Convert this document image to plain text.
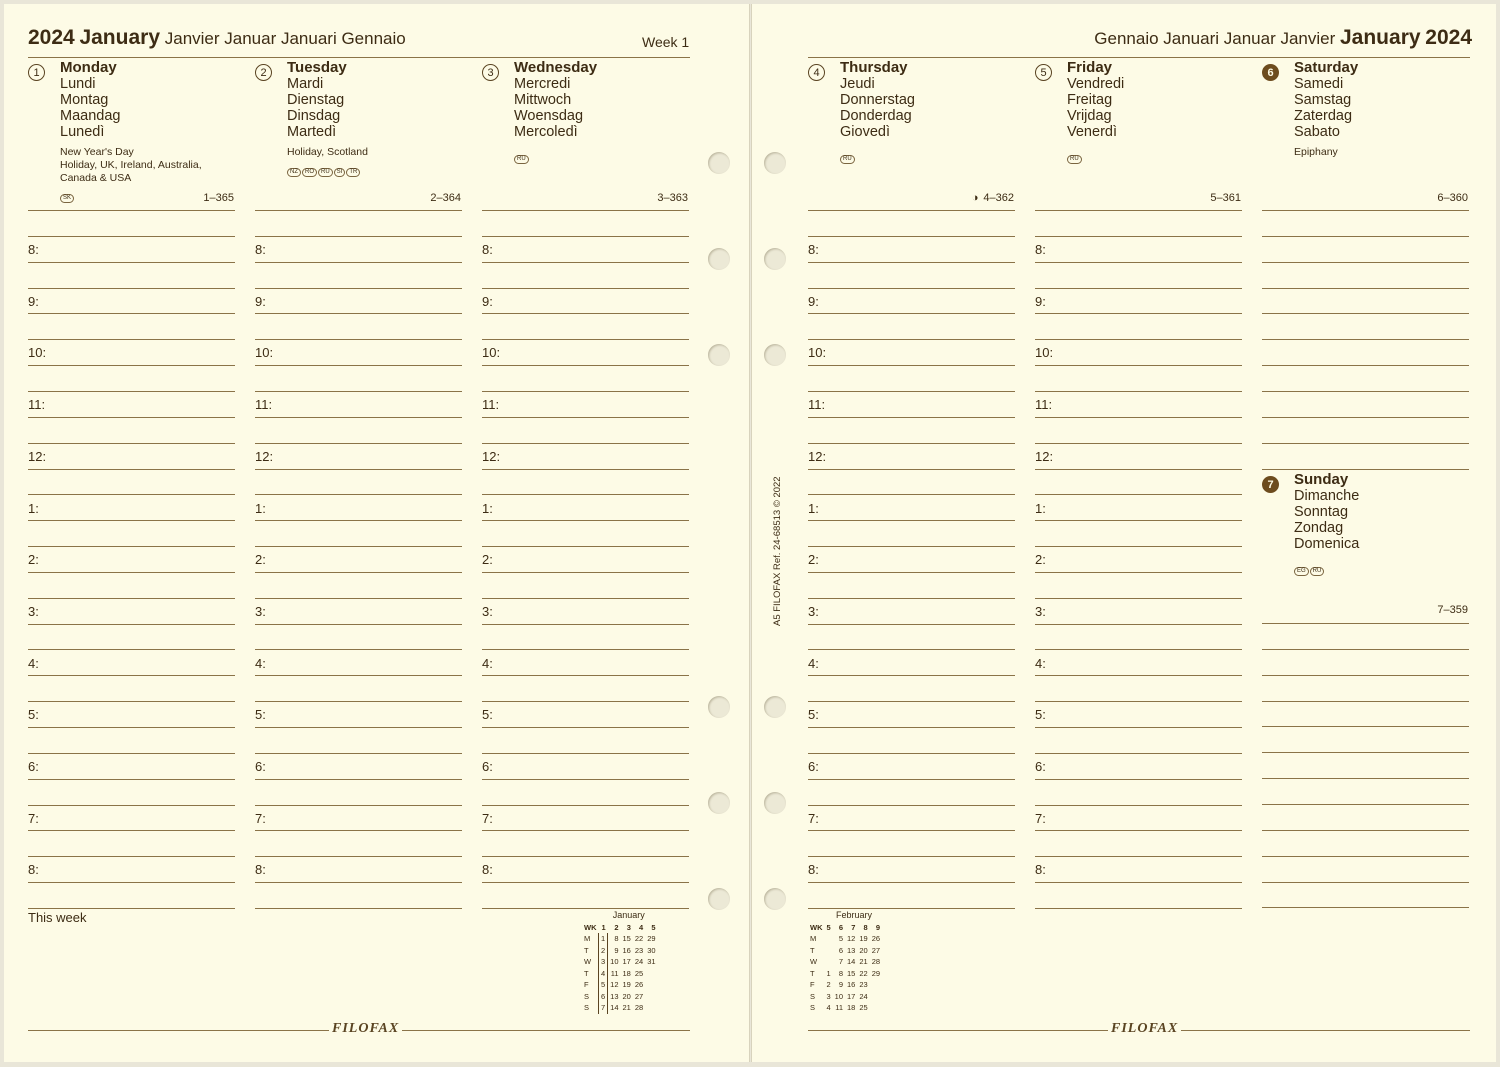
2024 January Janvier Januar Januari Gennaio	Week 1
1	Monday
Lundi
Montag
Maandag
Lunedì
New Year's Day
Holiday, UK, Ireland, Australia,
Canada & USA
SK	1–365
8:
9:
10:
11:
12:
1:
2:
3:
4:
5:
6:
7:
8:
2	Tuesday
Mardi
Dienstag
Dinsdag
Martedì
Holiday, Scotland
NZ RO RU SI TR
2–364
8:
9:
10:
11:
12:
1:
2:
3:
4:
5:
6:
7:
8:
3	Wednesday
Mercredi
Mittwoch
Woensdag
Mercoledì
RU
3–363
8:
9:
10:
11:
12:
1:
2:
3:
4:
5:
6:
7:
8:
This week	January
WK	1	2	3	4	5
M	1	8	15	22	29
T	2	9	16	23	30
W	3	10	17	24	31
T	4	11	18	25	
F	5	12	19	26	
S	6	13	20	27	
S	7	14	21	28	
FILOFAX
Gennaio Januari Januar Janvier January 2024
4	Thursday
Jeudi
Donnerstag
Donderdag
Giovedì
RU
◑ 4–362
8:
9:
10:
11:
12:
1:
2:
3:
4:
5:
6:
7:
8:
5	Friday
Vendredi
Freitag
Vrijdag
Venerdì
RU
5–361
8:
9:
10:
11:
12:
1:
2:
3:
4:
5:
6:
7:
8:
6	Saturday
Samedi
Samstag
Zaterdag
Sabato
Epiphany
6–360
7	Sunday
Dimanche
Sonntag
Zondag
Domenica
EG RU
7–359
February
WK	5	6	7	8	9
M		5	12	19	26
T		6	13	20	27
W		7	14	21	28
T	1	8	15	22	29
F	2	9	16	23	
S	3	10	17	24	
S	4	11	18	25	
FILOFAX
A5 FILOFAX Ref. 24-68513 © 2022
